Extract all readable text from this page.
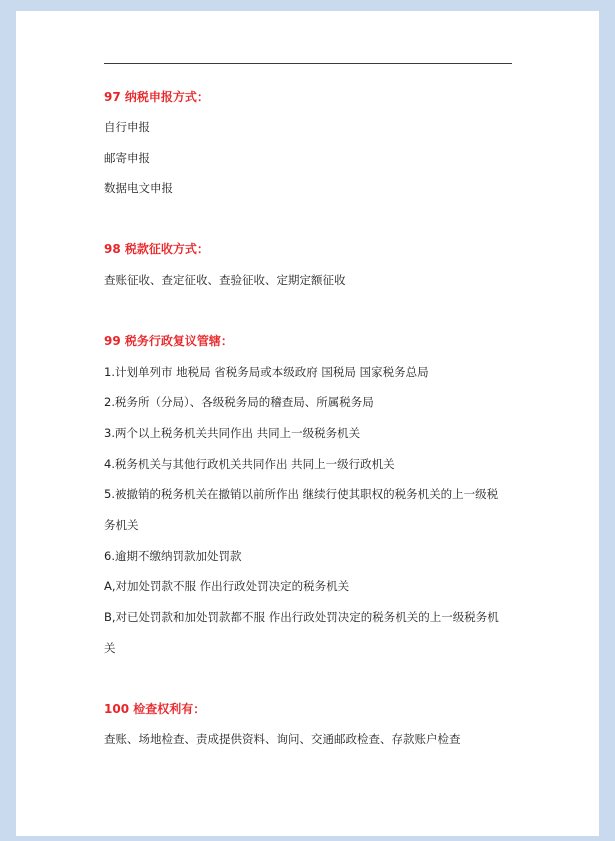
97 纳税申报方式：

自行申报

邮寄申报

数据电文申报

98 税款征收方式：

查账征收、查定征收、查验征收、定期定额征收

99 税务行政复议管辖：

1.计划单列市 地税局 省税务局或本级政府 国税局 国家税务总局

2.税务所（分局）、各级税务局的稽查局、所属税务局

3.两个以上税务机关共同作出 共同上一级税务机关

4.税务机关与其他行政机关共同作出 共同上一级行政机关

5.被撤销的税务机关在撤销以前所作出 继续行使其职权的税务机关的上一级税

务机关

6.逾期不缴纳罚款加处罚款

A,对加处罚款不服 作出行政处罚决定的税务机关

B,对已处罚款和加处罚款都不服 作出行政处罚决定的税务机关的上一级税务机

关

100 检查权利有：

查账、场地检查、责成提供资料、询问、交通邮政检查、存款账户检查
